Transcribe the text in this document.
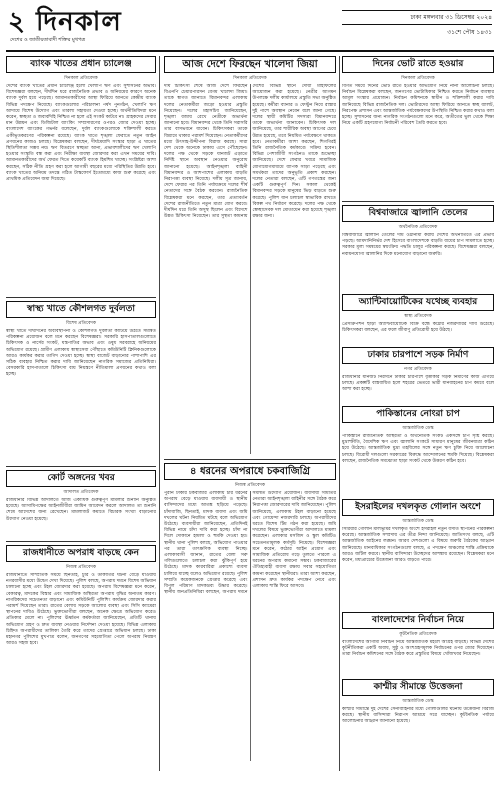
২ দিনকাল
দেশের ও জাতীয়তাবাদী শক্তির মুখপত্র
ঢাকা মঙ্গলবার ৩১ ডিসেম্বর ২০২৪
৩১শে পৌষ ১৪৩১
ব্যাংক খাতের প্রধান চ্যালেঞ্জ
দিনকাল প্রতিবেদক
দেশের ব্যাংক খাতের প্রধান চ্যালেঞ্জ হলো খেলাপি ঋণ এবং সুশাসনের অভাব। বিশেষজ্ঞরা বলছেন, দীর্ঘদিন ধরে রাজনৈতিক প্রভাব ও অনিয়মের কারণে অনেক ব্যাংক দুর্বল হয়ে পড়েছে। আমানতকারীদের আস্থা ফিরিয়ে আনতে কেন্দ্রীয় ব্যাংক বিভিন্ন পদক্ষেপ নিয়েছে। ব্যাংকগুলোর পরিচালনা পর্ষদ পুনর্গঠন, খেলাপি ঋণ আদায়ে বিশেষ উদ্যোগ এবং তারল্য সহায়তা দেওয়া হচ্ছে। অর্থনীতিবিদরা মনে করেন, স্বচ্ছতা ও জবাবদিহি নিশ্চিত না হলে এই সংকট কাটবে না। গ্রাহকদের সেবার মান উন্নয়ন এবং ডিজিটাল ব্যাংকিং সম্প্রসারণের ওপরও জোর দেওয়া হচ্ছে। বাংলাদেশ ব্যাংকের গভর্নর বলেছেন, দুর্বল ব্যাংকগুলোকে শক্তিশালী করতে একীভূতকরণের পরিকল্পনা রয়েছে। ব্যাংক খাতে শৃঙ্খলা ফেরাতে নতুন আইন প্রণয়নের কাজও চলছে। বিশ্লেষকরা বলছেন, দীর্ঘমেয়াদি সংস্কার ছাড়া এ খাতের স্থিতিশীলতা সম্ভব নয়। ঋণ বিতরণে স্বচ্ছতা আনা, প্রভাবশালীদের ঋণ খেলাপি হওয়ার সংস্কৃতি বন্ধ করা এবং নিরীক্ষা ব্যবস্থা জোরদার করা এখন সময়ের দাবি। আমানতকারীদের অর্থ ফেরত দিতে কয়েকটি ব্যাংক হিমশিম খাচ্ছে। সংশ্লিষ্টরা আশা করছেন, সঠিক নীতি গ্রহণ করা হলে আগামী বছরের মধ্যে পরিস্থিতির উন্নতি হবে। ব্যাংক খাতের অনিয়ম তদন্তে গঠিত টাস্কফোর্স ইতোমধ্যে কাজ শুরু করেছে এবং প্রাথমিক প্রতিবেদন জমা দিয়েছে।
স্বাস্থ্য খাতে কৌশলগত দুর্বলতা
বিশেষ প্রতিবেদক
স্বাস্থ্য খাতে দীর্ঘদিনের অব্যবস্থাপনা ও কৌশলগত দুর্বলতা কাটিয়ে উঠতে সমন্বিত পরিকল্পনা প্রয়োজন বলে মনে করছেন বিশেষজ্ঞরা। সরকারি হাসপাতালগুলোতে চিকিৎসক ও নার্সের সংকট, যন্ত্রপাতির অভাব এবং ওষুধ সরবরাহে অনিয়মের অভিযোগ রয়েছে। গ্রামীণ এলাকায় স্বাস্থ্যসেবা পৌঁছাতে কমিউনিটি ক্লিনিকগুলোকে আরও কার্যকর করার তাগিদ দেওয়া হচ্ছে। স্বাস্থ্য বাজেট বাড়ানোর পাশাপাশি এর সঠিক ব্যবহার নিশ্চিত করার দাবি জানিয়েছেন নাগরিক সমাজের প্রতিনিধিরা। বেসরকারি হাসপাতালে চিকিৎসা ব্যয় নিয়ন্ত্রণে নীতিমালা প্রণয়নের কথাও বলা হচ্ছে।
কোর্ট অঙ্গনের খবর
আদালত প্রতিবেদক
রাজধানীর বিভিন্ন আদালতে আজ একাধিক গুরুত্বপূর্ণ মামলার শুনানি অনুষ্ঠিত হয়েছে। আসামিপক্ষের আইনজীবীরা জামিন আবেদন করলে আদালত তা শুনানি শেষে আদেশের জন্য রেখেছেন। মামলাজট কমাতে বিচারক সংখ্যা বাড়ানোর উদ্যোগ নেওয়া হয়েছে।
রাজধানীতে অপরাধ বাড়ছে কেন
নিজস্ব প্রতিবেদক
রাজধানীতে সাম্প্রতিক সময়ে ছিনতাই, চুরি ও ডাকাতির ঘটনা বেড়ে যাওয়ায় নগরবাসীর মধ্যে উদ্বেগ দেখা দিয়েছে। পুলিশ বলছে, অপরাধ দমনে বিশেষ অভিযান চালানো হচ্ছে এবং টহল জোরদার করা হয়েছে। অপরাধ বিশেষজ্ঞরা মনে করেন, বেকারত্ব, মাদকের বিস্তার এবং সামাজিক অস্থিরতা অপরাধ বৃদ্ধির অন্যতম কারণ। নাগরিকদের সচেতনতা বাড়ানো এবং কমিউনিটি পুলিশিং কার্যক্রম জোরদার করার পরামর্শ দিয়েছেন তারা। রাতের বেলায় সড়কে আলোর ব্যবস্থা এবং সিসি ক্যামেরা স্থাপনের দাবিও উঠেছে। ভুক্তভোগীরা বলছেন, অনেক ক্ষেত্রে অভিযোগ করেও প্রতিকার মেলে না। পুলিশের ঊর্ধ্বতন কর্মকর্তারা জানিয়েছেন, প্রতিটি থানায় অভিযোগ গ্রহণ ও দ্রুত ব্যবস্থা নেওয়ার নির্দেশনা দেওয়া হয়েছে। বিভিন্ন এলাকায় চিহ্নিত অপরাধীদের তালিকা তৈরি করে তাদের গ্রেপ্তারে অভিযান চলছে। ঢাকা মহানগর পুলিশের মুখপাত্র বলেন, জনগণের সহযোগিতা পেলে অপরাধ নিয়ন্ত্রণ আরও সহজ হবে।
আজ দেশে ফিরছেন খালেদা জিয়া
দিনকাল প্রতিবেদক
দীর্ঘ চিকিৎসা শেষে আজ দেশে ফিরছেন বিএনপি চেয়ারপারসন বেগম খালেদা জিয়া। তাকে স্বাগত জানাতে বিমানবন্দর এলাকায় দলের নেতাকর্মীরা জড়ো হওয়ার প্রস্তুতি নিয়েছেন। দলের মহাসচিব জানিয়েছেন, শৃঙ্খলা বজায় রেখে নেত্রীকে অভ্যর্থনা জানানো হবে। বিমানবন্দর থেকে তিনি সরাসরি তার বাসভবনে যাবেন। চিকিৎসকরা তাকে বিশ্রামে থাকার পরামর্শ দিয়েছেন। নেতাকর্মীদের মধ্যে উৎসাহ-উদ্দীপনা বিরাজ করছে। সারা দেশ থেকে অনেকে ঢাকায় এসে পৌঁছেছেন। দলের পক্ষ থেকে সড়কে যানজট এড়াতে নির্দিষ্ট স্থানে অবস্থান নেওয়ার অনুরোধ জানানো হয়েছে। আইনশৃঙ্খলা বাহিনী বিমানবন্দর ও আশপাশের এলাকায় বাড়তি নিরাপত্তা ব্যবস্থা নিয়েছে। দলীয় সূত্র জানায়, দেশে ফেরার পর তিনি পর্যায়ক্রমে দলের শীর্ষ নেতাদের সঙ্গে বৈঠক করবেন। রাজনৈতিক বিশ্লেষকরা মনে করছেন, তার প্রত্যাবর্তন দেশের রাজনীতিতে নতুন মাত্রা যোগ করবে। দীর্ঘদিন ধরে তিনি অসুস্থ ছিলেন এবং বিদেশে উন্নত চিকিৎসা নিয়েছেন। তার সুস্থতা কামনায় দেশের বিভিন্ন স্থানে দোয়া মাহফিলের আয়োজন করা হয়েছে। নেত্রীর আগমন উপলক্ষে দলীয় কার্যালয়ে প্রস্তুতি সভা অনুষ্ঠিত হয়েছে। কর্মীরা ব্যানার ও ফেস্টুন নিয়ে রাস্তার দুই পাশে অবস্থান নেবেন বলে জানা গেছে। দলের স্থায়ী কমিটির সদস্যরা বিমানবন্দরে তাকে অভ্যর্থনা জানাবেন। চিকিৎসক দল জানিয়েছে, তার শারীরিক অবস্থা আগের চেয়ে উন্নত হয়েছে, তবে নিয়মিত পর্যবেক্ষণে থাকতে হবে। নেতাকর্মীরা আশা করছেন, শিগগিরই তিনি রাজনৈতিক কর্মকাণ্ডে সক্রিয় হবেন। বিভিন্ন পেশাজীবী সংগঠনও তাকে শুভেচ্ছা জানিয়েছে। দেশে ফেরার খবরে সামাজিক যোগাযোগমাধ্যমে ব্যাপক সাড়া পড়েছে এবং সমর্থকরা তাদের অনুভূতি প্রকাশ করছেন। দলের নেতারা বলছেন, এটি গণতন্ত্রের জন্য একটি গুরুত্বপূর্ণ দিন। সকাল থেকেই বিমানবন্দর সড়কে মানুষের ভিড় বাড়তে শুরু করেছে। পুলিশ যান চলাচল স্বাভাবিক রাখতে বিকল্প পথ নির্ধারণ করেছে। দলের পক্ষ থেকে স্বেচ্ছাসেবক দল মোতায়েন করা হয়েছে শৃঙ্খলা রক্ষার জন্য।
৪ ধরনের অপরাধে চকবাজিগ্রি
নিজস্ব প্রতিবেদক
পুরান ঢাকার চকবাজার এলাকায় চার ধরনের অপরাধ বেড়ে যাওয়ায় ব্যবসায়ী ও স্থানীয় বাসিন্দাদের মধ্যে আতঙ্ক ছড়িয়ে পড়েছে। চাঁদাবাজি, ছিনতাই, মাদক ব্যবসা এবং জমি দখলের ঘটনা নিয়মিত ঘটছে বলে অভিযোগ উঠেছে। ব্যবসায়ীরা জানিয়েছেন, প্রতিদিনই বিভিন্ন নামে চাঁদা দাবি করা হচ্ছে। চাঁদা না দিলে দোকানে হামলা ও হুমকি দেওয়া হয়। স্থানীয় থানা পুলিশ বলছে, অভিযোগ পাওয়ার পর তারা তাৎক্ষণিক ব্যবস্থা নিচ্ছে। এলাকাবাসী জানান, রাতের বেলা সরু গলিগুলোতে চলাচল করা ঝুঁকিপূর্ণ হয়ে উঠেছে। মাদক কারবারিরা প্রকাশ্যে ব্যবসা চালিয়ে যাচ্ছে বলেও অভিযোগ রয়েছে। পুলিশ সম্প্রতি কয়েকজনকে গ্রেপ্তার করেছে এবং বিপুল পরিমাণ মাদকদ্রব্য উদ্ধার করেছে। স্থানীয় জনপ্রতিনিধিরা বলছেন, অপরাধ দমনে সমন্বিত উদ্যোগ প্রয়োজন। ব্যবসায়ী সমিতির নেতারা আইনশৃঙ্খলা বাহিনীর সঙ্গে বৈঠক করে নিরাপত্তা জোরদারের দাবি জানিয়েছেন। পুলিশ জানিয়েছে, এলাকায় টহল বাড়ানো হয়েছে এবং গোয়েন্দা নজরদারি চলছে। অপরাধীদের ধরতে বিশেষ টিম গঠন করা হয়েছে। জমি দখলের বিষয়ে ভুক্তভোগীরা আদালতে মামলা করেছেন। এলাকার মসজিদ ও স্কুল কমিটিও সচেতনতামূলক কর্মসূচি নিয়েছে। বিশেষজ্ঞরা মনে করেন, কঠোর আইন প্রয়োগ এবং সামাজিক প্রতিরোধ গড়ে তুলতে পারলে এ ধরনের অপরাধ কমানো সম্ভব। চকবাজারের ঐতিহ্যবাহী ব্যবসা রক্ষায় সবার সহযোগিতা কামনা করেছেন স্থানীয়রা। তারা আশা করছেন, প্রশাসন দ্রুত কার্যকর পদক্ষেপ নেবে এবং এলাকায় শান্তি ফিরে আসবে।
দিনের ভোট রাতে হওয়ার
দিনকাল প্রতিবেদক
বিগত সময়ে দিনের ভোট রাতে হওয়ার অভিযোগ নিয়ে নানা আলোচনা চলছে। নির্বাচন বিশ্লেষকরা বলছেন, জনগণের ভোটাধিকার নিশ্চিত করতে নির্বাচন ব্যবস্থার আমূল সংস্কার প্রয়োজন। নির্বাচন কমিশনকে স্বাধীন ও শক্তিশালী করার দাবি জানিয়েছে বিভিন্ন রাজনৈতিক দল। ভোটারদের আস্থা ফিরিয়ে আনতে স্বচ্ছ ব্যালট, নিরপেক্ষ প্রশাসন এবং আন্তর্জাতিক পর্যবেক্ষকদের উপস্থিতি নিশ্চিত করার কথাও বলা হচ্ছে। সুশাসনের জন্য নাগরিক সংগঠনগুলো মনে করে, অতীতের ভুল থেকে শিক্ষা নিয়ে একটি গ্রহণযোগ্য নির্বাচনী পরিবেশ তৈরি করতে হবে।
বিশ্ববাজারে জ্বালানি তেলের
অর্থনৈতিক প্রতিবেদক
বিশ্ববাজারে জ্বালানি তেলের দাম ওঠানামা করায় দেশের অর্থনীতিতে এর প্রভাব পড়ছে। আমদানিনির্ভর দেশ হিসেবে বাংলাদেশকে বাড়তি ব্যয়ের চাপ সামলাতে হচ্ছে। সরকার মূল্য সমন্বয়ের স্বয়ংক্রিয় পদ্ধতি চালুর পরিকল্পনা করছে। বিশেষজ্ঞরা বলছেন, নবায়নযোগ্য জ্বালানির দিকে মনোযোগ বাড়ানো জরুরি।
অ্যান্টিবায়োটিকের যথেচ্ছ ব্যবহার
স্বাস্থ্য প্রতিবেদক
প্রেসক্রিপশন ছাড়া অ্যান্টিবায়োটিক বিক্রি বন্ধে কঠোর নজরদারির দাবি উঠেছে। চিকিৎসকরা বলছেন, এর ফলে জীবাণু প্রতিরোধী হয়ে উঠছে।
ঢাকার চারপাশে সড়ক নির্মাণ
নগর প্রতিবেদক
রাজধানীর যানজট নিরসনে ঢাকার চারপাশে বৃত্তাকার সড়ক নির্মাণের কাজ এগিয়ে চলছে। প্রকল্পটি বাস্তবায়িত হলে শহরের ভেতরে ভারী যানবাহনের চাপ কমবে বলে আশা করা হচ্ছে।
পাকিস্তানের নোংরা চাপ
আন্তর্জাতিক ডেস্ক
পাকিস্তানে রাজনৈতিক অস্থিরতা ও অর্থনৈতিক সংকট একসঙ্গে চাপ সৃষ্টি করছে। মুদ্রাস্ফীতি, বৈদেশিক ঋণ এবং জ্বালানি সংকটে সাধারণ মানুষের জীবনযাত্রা কঠিন হয়ে উঠেছে। আন্তর্জাতিক মুদ্রা তহবিলের সঙ্গে নতুন ঋণ চুক্তি নিয়ে আলোচনা চলছে। বিরোধী দলগুলো সরকারের বিরুদ্ধে আন্দোলনের হুমকি দিয়েছে। বিশ্লেষকরা বলছেন, রাজনৈতিক সমঝোতা ছাড়া সংকট থেকে উত্তরণ কঠিন হবে।
ইসরাইলের দখলকৃত গোলান অংশে
আন্তর্জাতিক ডেস্ক
সিরিয়ার গোলান মালভূমির দখলকৃত অংশে ইসরাইল নতুন বসতি স্থাপনের পরিকল্পনা করেছে। আন্তর্জাতিক সম্প্রদায় এর তীব্র নিন্দা জানিয়েছে। জাতিসংঘ বলছে, এটি আন্তর্জাতিক আইনের লঙ্ঘন। আরব দেশগুলো এ বিষয়ে জরুরি বৈঠকের আহ্বান জানিয়েছে। মানবাধিকার সংগঠনগুলো বলছে, এ পদক্ষেপ অঞ্চলের শান্তি প্রক্রিয়াকে আরও জটিল করবে। স্থানীয় বাসিন্দারা উচ্ছেদের আশঙ্কায় রয়েছেন। বিশ্লেষকরা মনে করেন, মধ্যপ্রাচ্যের উত্তেজনা আরও বাড়তে পারে।
বাংলাদেশের নির্বাচন নিয়ে
কূটনৈতিক প্রতিবেদক
বাংলাদেশের আগামী নির্বাচন নিয়ে আন্তর্জাতিক মহলে আগ্রহ বাড়ছে। বিভিন্ন দেশের কূটনীতিকরা একটি অবাধ, সুষ্ঠু ও অংশগ্রহণমূলক নির্বাচনের ওপর জোর দিয়েছেন। তারা নির্বাচন কমিশনের সঙ্গে বৈঠক করে প্রস্তুতির বিষয়ে খোঁজখবর নিয়েছেন।
কাশ্মীর সীমান্তে উত্তেজনা
আন্তর্জাতিক ডেস্ক
কাশ্মীর সীমান্তে দুই দেশের সেনাবাহিনীর মধ্যে গোলাগুলির ঘটনায় উত্তেজনা বিরাজ করছে। স্থানীয় বাসিন্দারা নিরাপদ আশ্রয়ে সরে যাচ্ছেন। কূটনৈতিক পর্যায়ে আলোচনার আহ্বান জানানো হয়েছে।
